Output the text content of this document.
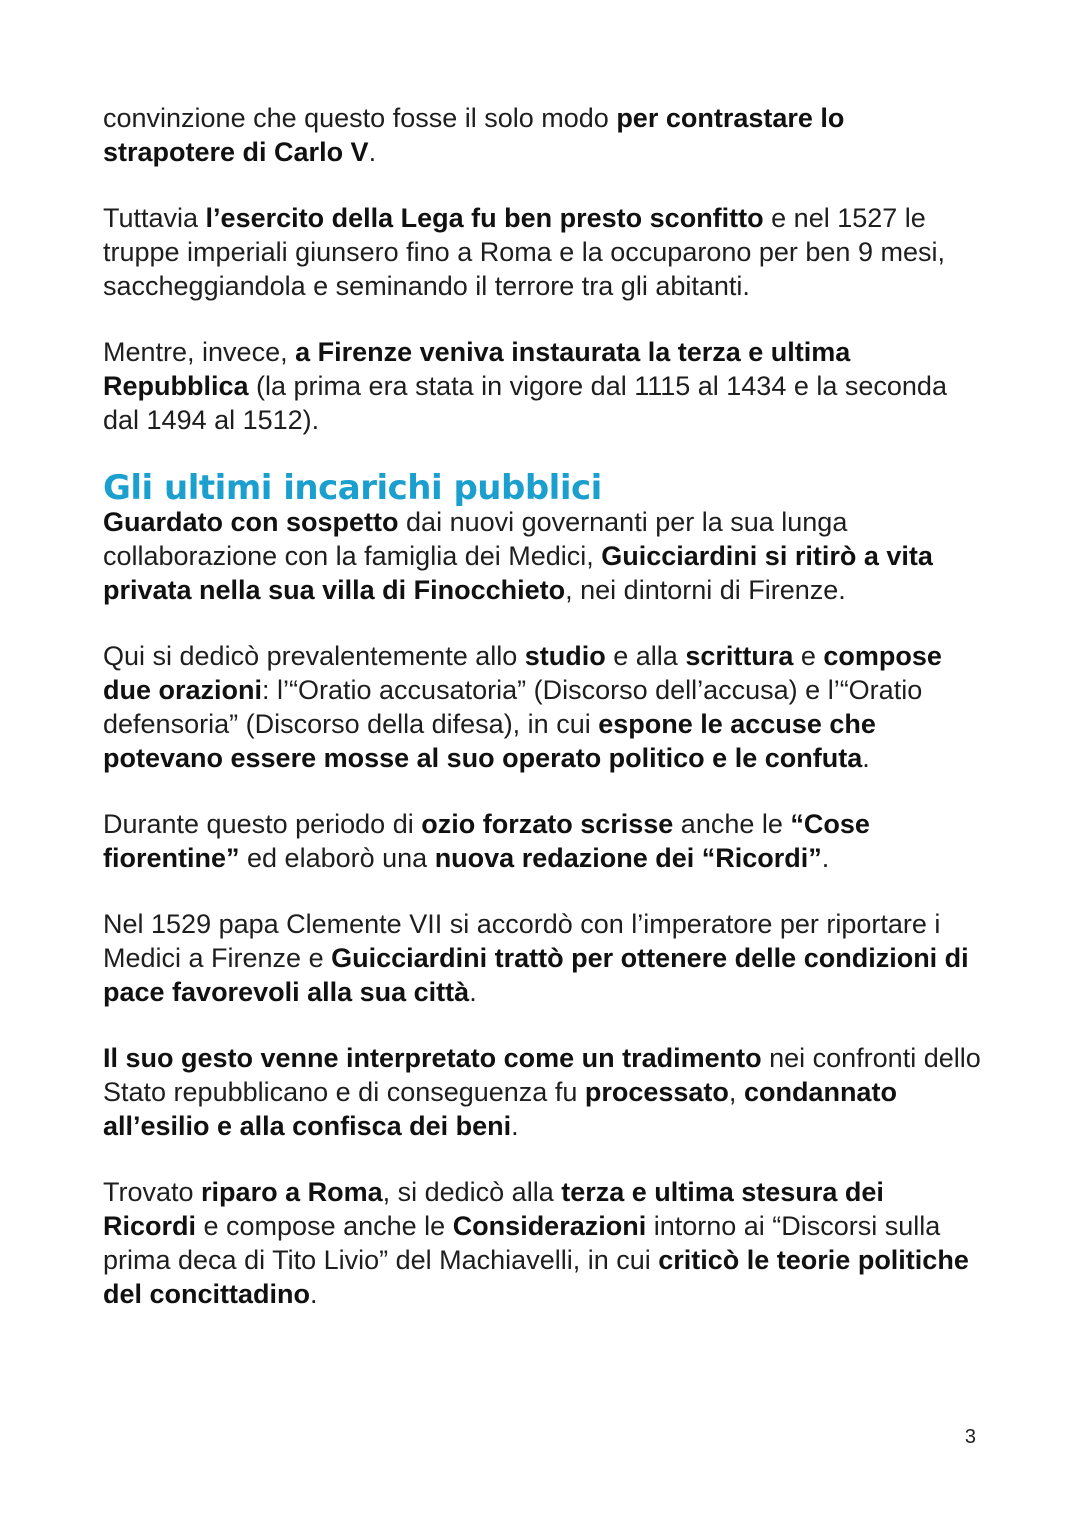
convinzione che questo fosse il solo modo per contrastare lo strapotere di Carlo V.

Tuttavia l’esercito della Lega fu ben presto sconfitto e nel 1527 le truppe imperiali giunsero fino a Roma e la occuparono per ben 9 mesi, saccheggiandola e seminando il terrore tra gli abitanti.

Mentre, invece, a Firenze veniva instaurata la terza e ultima Repubblica (la prima era stata in vigore dal 1115 al 1434 e la seconda dal 1494 al 1512).

Gli ultimi incarichi pubblici

Guardato con sospetto dai nuovi governanti per la sua lunga collaborazione con la famiglia dei Medici, Guicciardini si ritirò a vita privata nella sua villa di Finocchieto, nei dintorni di Firenze.

Qui si dedicò prevalentemente allo studio e alla scrittura e compose due orazioni: l’“Oratio accusatoria” (Discorso dell’accusa) e l’“Oratio defensoria” (Discorso della difesa), in cui espone le accuse che potevano essere mosse al suo operato politico e le confuta.

Durante questo periodo di ozio forzato scrisse anche le “Cose fiorentine” ed elaborò una nuova redazione dei “Ricordi”.

Nel 1529 papa Clemente VII si accordò con l’imperatore per riportare i Medici a Firenze e Guicciardini trattò per ottenere delle condizioni di pace favorevoli alla sua città.

Il suo gesto venne interpretato come un tradimento nei confronti dello Stato repubblicano e di conseguenza fu processato, condannato all’esilio e alla confisca dei beni.

Trovato riparo a Roma, si dedicò alla terza e ultima stesura dei Ricordi e compose anche le Considerazioni intorno ai “Discorsi sulla prima deca di Tito Livio” del Machiavelli, in cui criticò le teorie politiche del concittadino.

3
